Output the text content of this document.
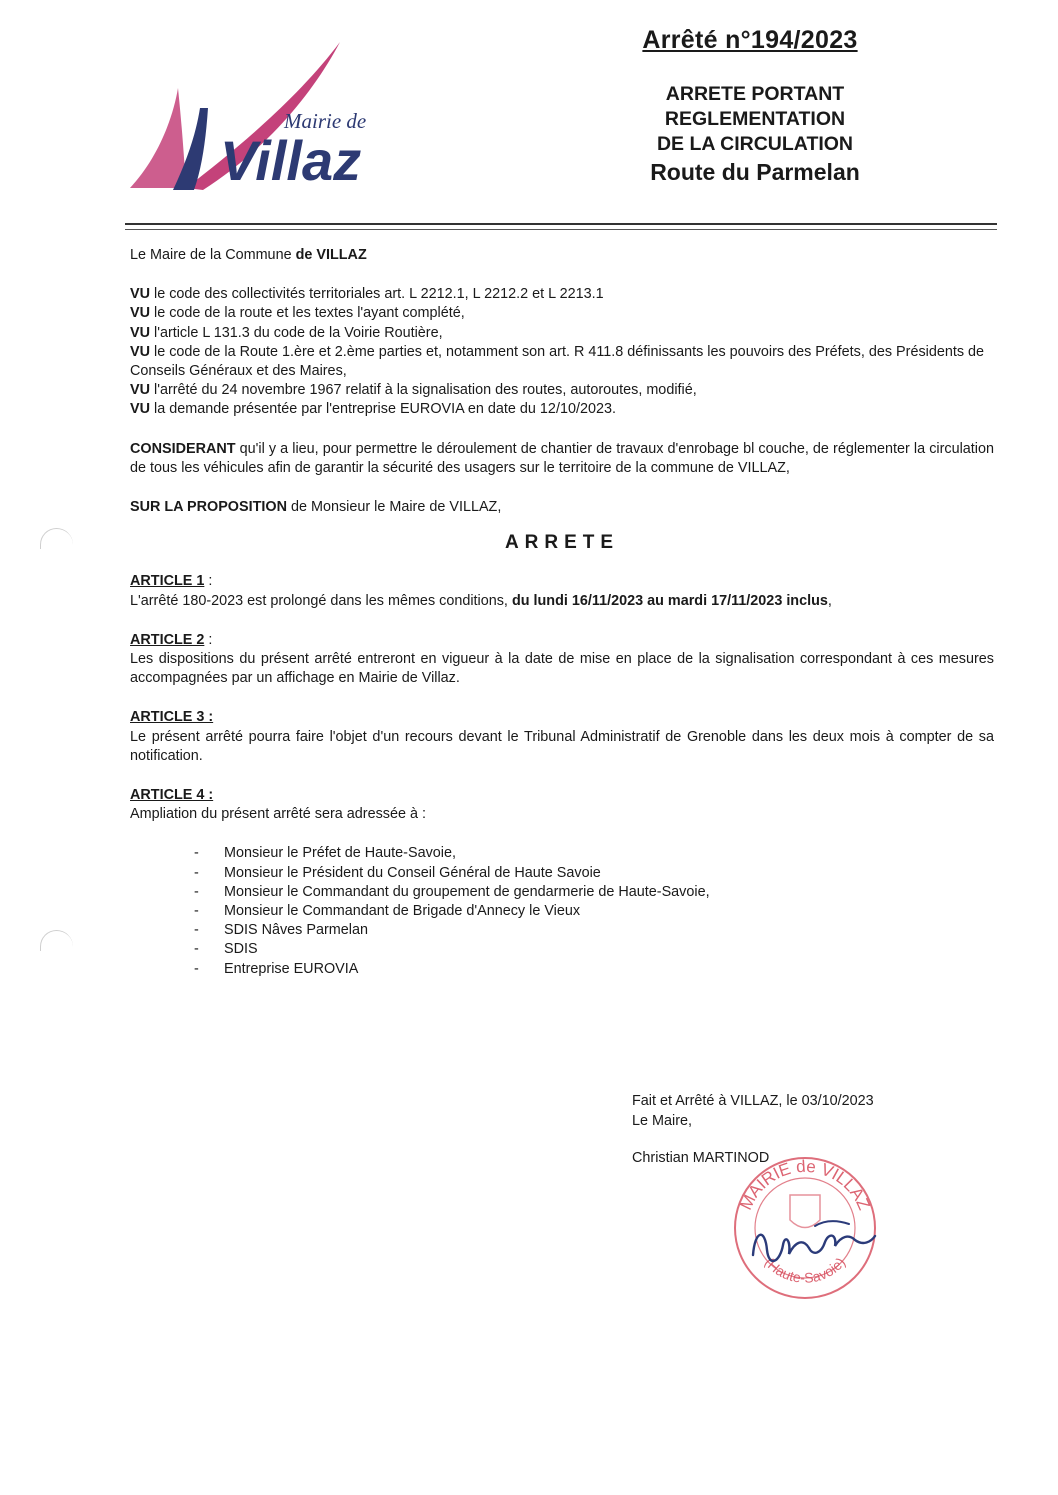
Mairie de
Villaz
Arrêté n°194/2023
ARRETE PORTANT
REGLEMENTATION
DE LA CIRCULATION
Route du Parmelan

Le Maire de la Commune de VILLAZ

VU le code des collectivités territoriales art. L 2212.1, L 2212.2 et L 2213.1

VU le code de la route et les textes l'ayant complété,

VU l'article L 131.3 du code de la Voirie Routière,

VU le code de la Route 1.ère et 2.ème parties et, notamment son art. R 411.8 définissants les pouvoirs des Préfets, des Présidents de Conseils Généraux et des Maires,

VU l'arrêté du 24 novembre 1967 relatif à la signalisation des routes, autoroutes, modifié,

VU la demande présentée par l'entreprise EUROVIA en date du 12/10/2023.

CONSIDERANT qu'il y a lieu, pour permettre le déroulement de chantier de travaux d'enrobage bl couche, de réglementer la circulation de tous les véhicules afin de garantir la sécurité des usagers sur le territoire de la commune de VILLAZ,

SUR LA PROPOSITION de Monsieur le Maire de VILLAZ,

ARRETE

ARTICLE 1 :

L'arrêté 180-2023 est prolongé dans les mêmes conditions, du lundi 16/11/2023 au mardi 17/11/2023 inclus,

ARTICLE 2 :

Les dispositions du présent arrêté entreront en vigueur à la date de mise en place de la signalisation correspondant à ces mesures accompagnées par un affichage en Mairie de Villaz.

ARTICLE 3 :

Le présent arrêté pourra faire l'objet d'un recours devant le Tribunal Administratif de Grenoble dans les deux mois à compter de sa notification.

ARTICLE 4 :

Ampliation du présent arrêté sera adressée à :

- Monsieur le Préfet de Haute-Savoie,
- Monsieur le Président du Conseil Général de Haute Savoie
- Monsieur le Commandant du groupement de gendarmerie de Haute-Savoie,
- Monsieur le Commandant de Brigade d'Annecy le Vieux
- SDIS Nâves Parmelan
- SDIS
- Entreprise EUROVIA
Fait et Arrêté à VILLAZ, le 03/10/2023
Le Maire,
Christian MARTINOD
MAIRIE de VILLAZ
(Haute-Savoie)
